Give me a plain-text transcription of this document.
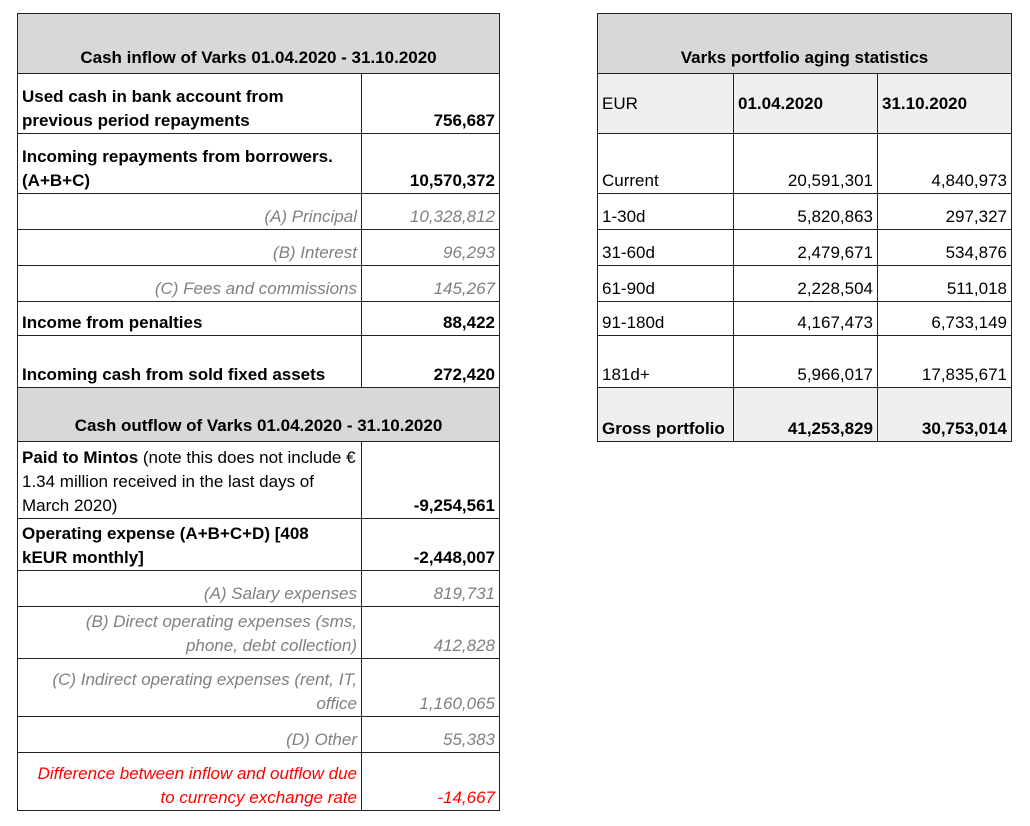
Cash inflow of Varks 01.04.2020 - 31.10.2020	
Used cash in bank account from previous period repayments	756,687
Incoming repayments from borrowers. (A+B+C)	10,570,372
(A) Principal	10,328,812
(B) Interest	96,293
(C) Fees and commissions	145,267
Income from penalties	88,422
Incoming cash from sold fixed assets	272,420
Cash outflow of Varks 01.04.2020 - 31.10.2020	
Paid to Mintos (note this does not include € 1.34 million received in the last days of March 2020)	-9,254,561
Operating expense (A+B+C+D) [408 kEUR monthly]	-2,448,007
(A) Salary expenses	819,731
(B) Direct operating expenses (sms, phone, debt collection)	412,828
(C) Indirect operating expenses (rent, IT, office	1,160,065
(D) Other	55,383
Difference between inflow and outflow due to currency exchange rate	-14,667
Varks portfolio aging statistics		
EUR	01.04.2020	31.10.2020
Current	20,591,301	4,840,973
1-30d	5,820,863	297,327
31-60d	2,479,671	534,876
61-90d	2,228,504	511,018
91-180d	4,167,473	6,733,149
181d+	5,966,017	17,835,671
Gross portfolio	41,253,829	30,753,014
